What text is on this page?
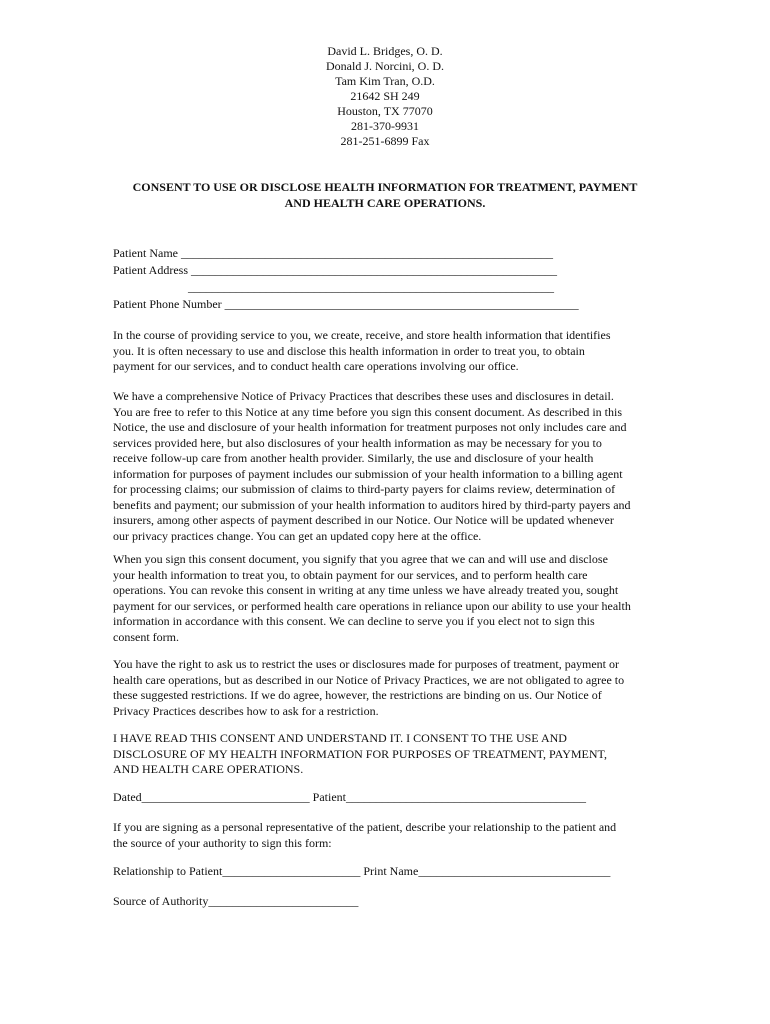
David L. Bridges, O. D.
Donald J. Norcini, O. D.
Tam Kim Tran, O.D.
21642 SH 249
Houston, TX 77070
281-370-9931
281-251-6899 Fax
CONSENT TO USE OR DISCLOSE HEALTH INFORMATION FOR TREATMENT, PAYMENT
AND HEALTH CARE OPERATIONS.
Patient Name ______________________________________________________________
Patient Address _____________________________________________________________
_____________________________________________________________
Patient Phone Number ___________________________________________________________
In the course of providing service to you, we create, receive, and store health information that identifies
you. It is often necessary to use and disclose this health information in order to treat you, to obtain
payment for our services, and to conduct health care operations involving our office.
We have a comprehensive Notice of Privacy Practices that describes these uses and disclosures in detail.
You are free to refer to this Notice at any time before you sign this consent document. As described in this
Notice, the use and disclosure of your health information for treatment purposes not only includes care and
services provided here, but also disclosures of your health information as may be necessary for you to
receive follow-up care from another health provider. Similarly, the use and disclosure of your health
information for purposes of payment includes our submission of your health information to a billing agent
for processing claims; our submission of claims to third-party payers for claims review, determination of
benefits and payment; our submission of your health information to auditors hired by third-party payers and
insurers, among other aspects of payment described in our Notice. Our Notice will be updated whenever
our privacy practices change. You can get an updated copy here at the office.
When you sign this consent document, you signify that you agree that we can and will use and disclose
your health information to treat you, to obtain payment for our services, and to perform health care
operations. You can revoke this consent in writing at any time unless we have already treated you, sought
payment for our services, or performed health care operations in reliance upon our ability to use your health
information in accordance with this consent. We can decline to serve you if you elect not to sign this
consent form.
You have the right to ask us to restrict the uses or disclosures made for purposes of treatment, payment or
health care operations, but as described in our Notice of Privacy Practices, we are not obligated to agree to
these suggested restrictions. If we do agree, however, the restrictions are binding on us. Our Notice of
Privacy Practices describes how to ask for a restriction.
I HAVE READ THIS CONSENT AND UNDERSTAND IT. I CONSENT TO THE USE AND
DISCLOSURE OF MY HEALTH INFORMATION FOR PURPOSES OF TREATMENT, PAYMENT,
AND HEALTH CARE OPERATIONS.
Dated____________________________ Patient________________________________________
If you are signing as a personal representative of the patient, describe your relationship to the patient and
the source of your authority to sign this form:
Relationship to Patient_______________________ Print Name________________________________
Source of Authority_________________________
